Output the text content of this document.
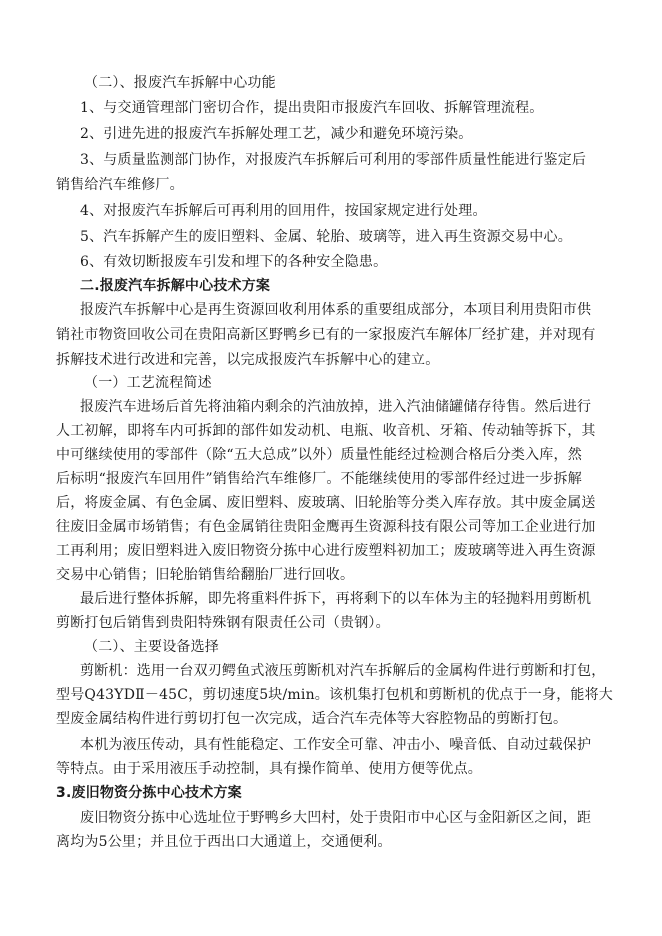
（二）、报废汽车拆解中心功能
1、与交通管理部门密切合作，提出贵阳市报废汽车回收、拆解管理流程。
2、引进先进的报废汽车拆解处理工艺，减少和避免环境污染。
3、与质量监测部门协作，对报废汽车拆解后可利用的零部件质量性能进行鉴定后
销售给汽车维修厂。
4、对报废汽车拆解后可再利用的回用件，按国家规定进行处理。
5、汽车拆解产生的废旧塑料、金属、轮胎、玻璃等，进入再生资源交易中心。
6、有效切断报废车引发和埋下的各种安全隐患。
二.报废汽车拆解中心技术方案
报废汽车拆解中心是再生资源回收利用体系的重要组成部分，本项目利用贵阳市供
销社市物资回收公司在贵阳高新区野鸭乡已有的一家报废汽车解体厂经扩建，并对现有
拆解技术进行改进和完善，以完成报废汽车拆解中心的建立。
（一）工艺流程简述
报废汽车进场后首先将油箱内剩余的汽油放掉，进入汽油储罐储存待售。然后进行
人工初解，即将车内可拆卸的部件如发动机、电瓶、收音机、牙箱、传动轴等拆下，其
中可继续使用的零部件（除“五大总成”以外）质量性能经过检测合格后分类入库，然
后标明“报废汽车回用件”销售给汽车维修厂。不能继续使用的零部件经过进一步拆解
后，将废金属、有色金属、废旧塑料、废玻璃、旧轮胎等分类入库存放。其中废金属送
往废旧金属市场销售；有色金属销往贵阳金鹰再生资源科技有限公司等加工企业进行加
工再利用；废旧塑料进入废旧物资分拣中心进行废塑料初加工；废玻璃等进入再生资源
交易中心销售；旧轮胎销售给翻胎厂进行回收。
最后进行整体拆解，即先将重料件拆下，再将剩下的以车体为主的轻抛料用剪断机
剪断打包后销售到贵阳特殊钢有限责任公司（贵钢）。
（二）、主要设备选择
剪断机：选用一台双刃鳄鱼式液压剪断机对汽车拆解后的金属构件进行剪断和打包，
型号Q43YDⅡ－45C，剪切速度5块/min。该机集打包机和剪断机的优点于一身，能将大
型废金属结构件进行剪切打包一次完成，适合汽车壳体等大容腔物品的剪断打包。
本机为液压传动，具有性能稳定、工作安全可靠、冲击小、噪音低、自动过载保护
等特点。由于采用液压手动控制，具有操作简单、使用方便等优点。
3.废旧物资分拣中心技术方案
废旧物资分拣中心选址位于野鸭乡大凹村，处于贵阳市中心区与金阳新区之间，距
离均为5公里；并且位于西出口大通道上，交通便利。
